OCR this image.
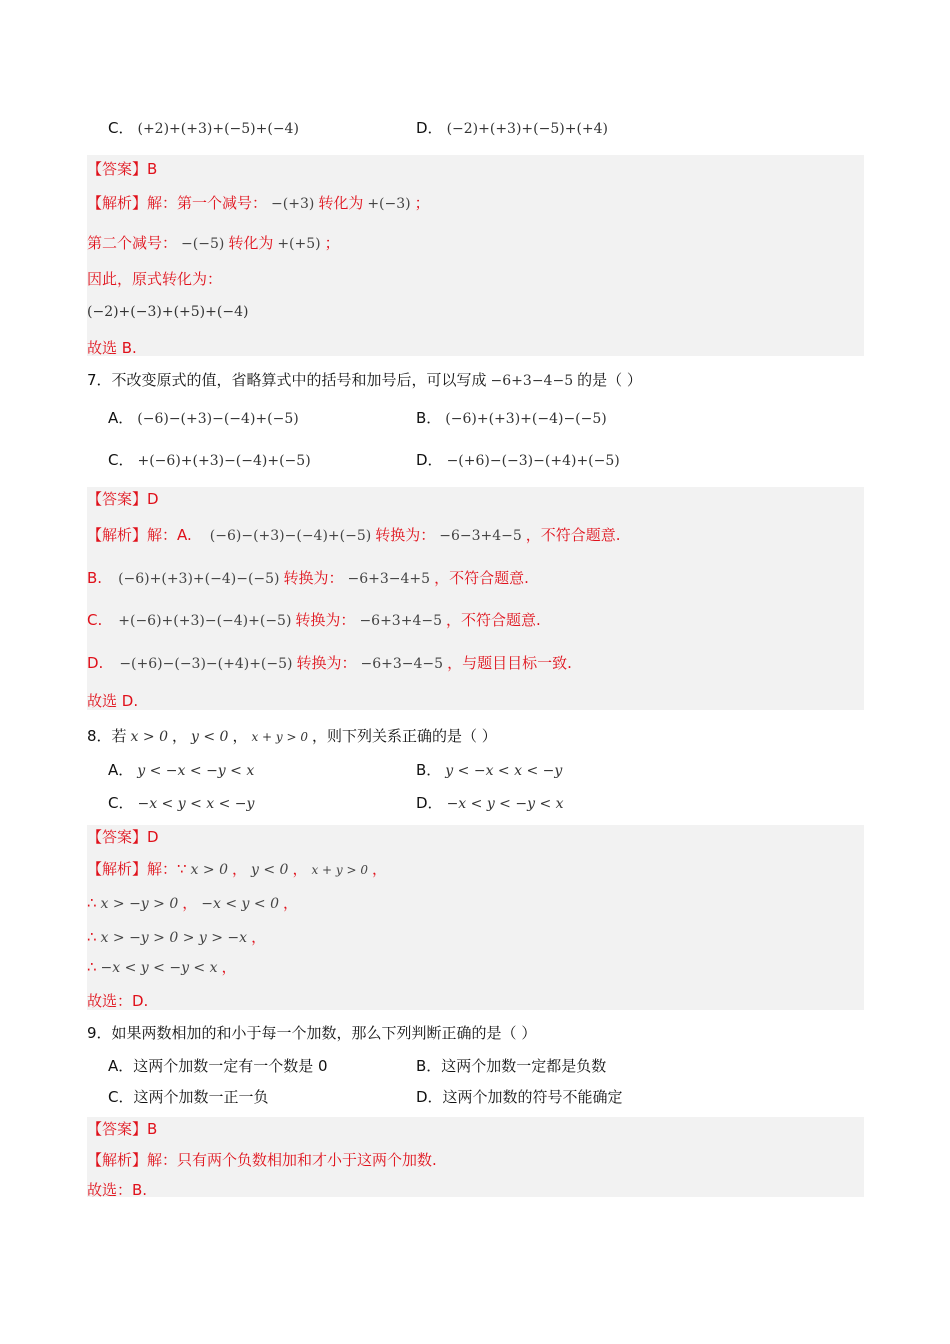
C． (+2)+(+3)+(−5)+(−4)	D． (−2)+(+3)+(−5)+(+4)
【答案】B
【解析】解：第一个减号： −(+3) 转化为 +(−3) ；
第二个减号： −(−5) 转化为 +(+5) ；
因此，原式转化为：
(−2)+(−3)+(+5)+(−4)
故选 B.
7．不改变原式的值，省略算式中的括号和加号后，可以写成 −6+3−4−5 的是（ ）
A． (−6)−(+3)−(−4)+(−5)	B． (−6)+(+3)+(−4)−(−5)
C． +(−6)+(+3)−(−4)+(−5)	D． −(+6)−(−3)−(+4)+(−5)
【答案】D
【解析】解：A. (−6)−(+3)−(−4)+(−5) 转换为： −6−3+4−5 ，不符合题意.
B. (−6)+(+3)+(−4)−(−5) 转换为： −6+3−4+5 ，不符合题意.
C. +(−6)+(+3)−(−4)+(−5) 转换为： −6+3+4−5 ，不符合题意.
D. −(+6)−(−3)−(+4)+(−5) 转换为： −6+3−4−5 ，与题目目标一致.
故选 D.
8．若 x > 0 ， y < 0 ， x + y > 0 ，则下列关系正确的是（ ）
A． y < −x < −y < x	B． y < −x < x < −y
C． −x < y < x < −y	D． −x < y < −y < x
【答案】D
【解析】解：∵ x > 0 ， y < 0 ， x + y > 0 ，
∴ x > −y > 0 ， −x < y < 0 ，
∴ x > −y > 0 > y > −x ，
∴ −x < y < −y < x ，
故选：D.
9．如果两数相加的和小于每一个加数，那么下列判断正确的是（ ）
A．这两个加数一定有一个数是 0	B．这两个加数一定都是负数
C．这两个加数一正一负	D．这两个加数的符号不能确定
【答案】B
【解析】解：只有两个负数相加和才小于这两个加数.
故选：B.
